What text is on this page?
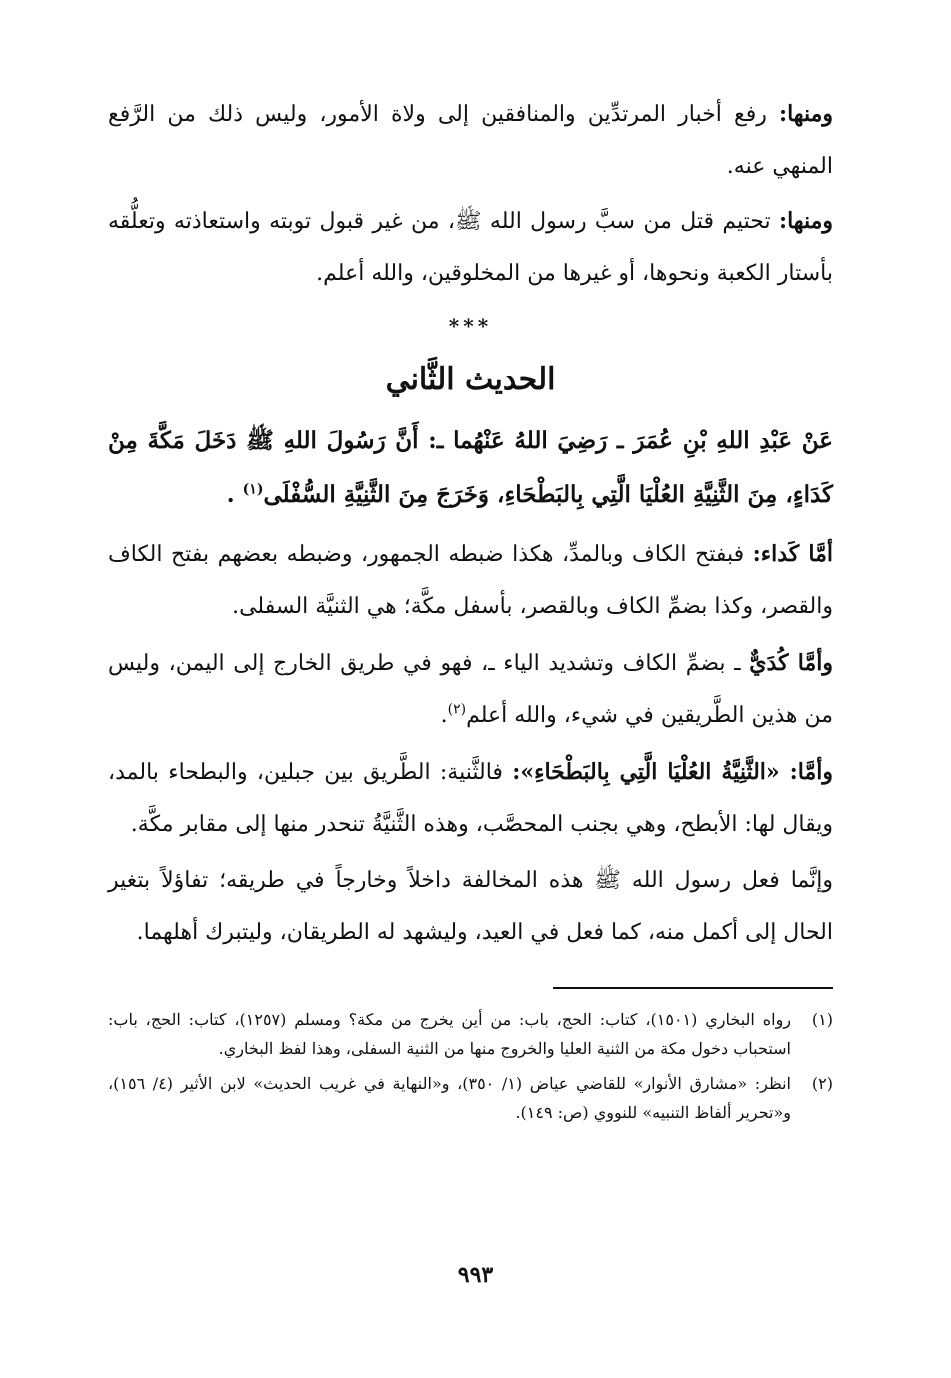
ومنها: رفع أخبار المرتدِّين والمنافقين إلى ولاة الأمور، وليس ذلك من الرَّفع المنهي عنه.

ومنها: تحتيم قتل من سبَّ رسول الله ﷺ، من غير قبول توبته واستعاذته وتعلُّقه بأستار الكعبة ونحوها، أو غيرها من المخلوقين، والله أعلم.

***
الحديث الثَّاني

عَنْ عَبْدِ اللهِ بْنِ عُمَرَ ـ رَضِيَ اللهُ عَنْهُما ـ: أَنَّ رَسُولَ اللهِ ﷺ دَخَلَ مَكَّةَ مِنْ كَدَاءٍ، مِنَ الثَّنِيَّةِ العُلْيَا الَّتِي بِالبَطْحَاءِ، وَخَرَجَ مِنَ الثَّنِيَّةِ السُّفْلَى$^{(١)}$ .

أمَّا كَداء: فبفتح الكاف وبالمدِّ، هكذا ضبطه الجمهور، وضبطه بعضهم بفتح الكاف والقصر، وكذا بضمِّ الكاف وبالقصر، بأسفل مكَّة؛ هي الثنيَّة السفلى.

وأمَّا كُدَيٌّ ـ بضمِّ الكاف وتشديد الياء ـ، فهو في طريق الخارج إلى اليمن، وليس من هذين الطَّريقين في شيء، والله أعلم$^{(٢)}$.

وأمَّا: «الثَّنِيَّةُ العُلْيَا الَّتِي بِالبَطْحَاءِ»: فالثَّنية: الطَّريق بين جبلين، والبطحاء بالمد، ويقال لها: الأبطح، وهي بجنب المحصَّب، وهذه الثَّنيَّةُ تنحدر منها إلى مقابر مكَّة.

وإنَّما فعل رسول الله ﷺ هذه المخالفة داخلاً وخارجاً في طريقه؛ تفاؤلاً بتغير الحال إلى أكمل منه، كما فعل في العيد، وليشهد له الطريقان، وليتبرك أهلهما.

(١)
رواه البخاري (١٥٠١)، كتاب: الحج، باب: من أين يخرج من مكة؟ ومسلم (١٢٥٧)، كتاب: الحج، باب: استحباب دخول مكة من الثنية العليا والخروج منها من الثنية السفلى، وهذا لفظ البخاري.
(٢)
انظر: «مشارق الأنوار» للقاضي عياض (١/ ٣٥٠)، و«النهاية في غريب الحديث» لابن الأثير (٤/ ١٥٦)، و«تحرير ألفاظ التنبيه» للنووي (ص: ١٤٩).
٩٩٣
